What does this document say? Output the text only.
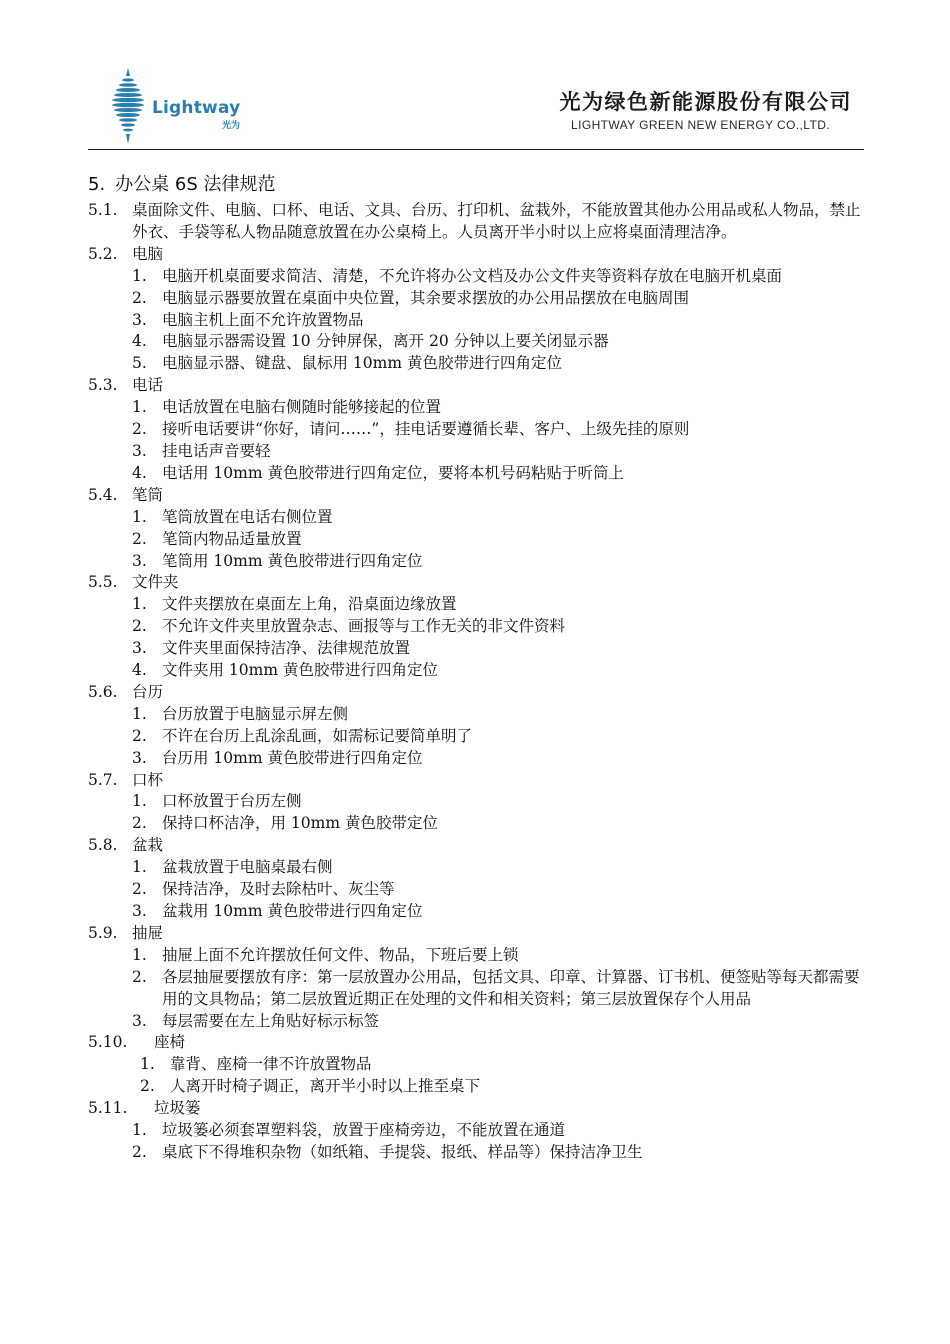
Lightway
光为
光为绿色新能源股份有限公司
LIGHTWAY GREEN NEW ENERGY CO.,LTD.
5. 办公桌 6S 法律规范
5.1. 桌面除文件、电脑、口杯、电话、文具、台历、打印机、盆栽外，不能放置其他办公用品或私人物品，禁止外衣、手袋等私人物品随意放置在办公桌椅上。人员离开半小时以上应将桌面清理洁净。
5.2. 电脑
1. 电脑开机桌面要求简洁、清楚，不允许将办公文档及办公文件夹等资料存放在电脑开机桌面
2. 电脑显示器要放置在桌面中央位置，其余要求摆放的办公用品摆放在电脑周围
3. 电脑主机上面不允许放置物品
4. 电脑显示器需设置 10 分钟屏保，离开 20 分钟以上要关闭显示器
5. 电脑显示器、键盘、鼠标用 10mm 黄色胶带进行四角定位
5.3. 电话
1. 电话放置在电脑右侧随时能够接起的位置
2. 接听电话要讲“你好，请问……”，挂电话要遵循长辈、客户、上级先挂的原则
3. 挂电话声音要轻
4. 电话用 10mm 黄色胶带进行四角定位，要将本机号码粘贴于听筒上
5.4. 笔筒
1. 笔筒放置在电话右侧位置
2. 笔筒内物品适量放置
3. 笔筒用 10mm 黄色胶带进行四角定位
5.5. 文件夹
1. 文件夹摆放在桌面左上角，沿桌面边缘放置
2. 不允许文件夹里放置杂志、画报等与工作无关的非文件资料
3. 文件夹里面保持洁净、法律规范放置
4. 文件夹用 10mm 黄色胶带进行四角定位
5.6. 台历
1. 台历放置于电脑显示屏左侧
2. 不许在台历上乱涂乱画，如需标记要简单明了
3. 台历用 10mm 黄色胶带进行四角定位
5.7. 口杯
1. 口杯放置于台历左侧
2. 保持口杯洁净，用 10mm 黄色胶带定位
5.8. 盆栽
1. 盆栽放置于电脑桌最右侧
2. 保持洁净，及时去除枯叶、灰尘等
3. 盆栽用 10mm 黄色胶带进行四角定位
5.9. 抽屉
1. 抽屉上面不允许摆放任何文件、物品，下班后要上锁
2. 各层抽屉要摆放有序：第一层放置办公用品，包括文具、印章、计算器、订书机、便签贴等每天都需要用的文具物品；第二层放置近期正在处理的文件和相关资料；第三层放置保存个人用品
3. 每层需要在左上角贴好标示标签
5.10.	座椅
1. 靠背、座椅一律不许放置物品
2. 人离开时椅子调正，离开半小时以上推至桌下
5.11.	垃圾篓
1. 垃圾篓必须套罩塑料袋，放置于座椅旁边，不能放置在通道
2. 桌底下不得堆积杂物（如纸箱、手提袋、报纸、样品等）保持洁净卫生
